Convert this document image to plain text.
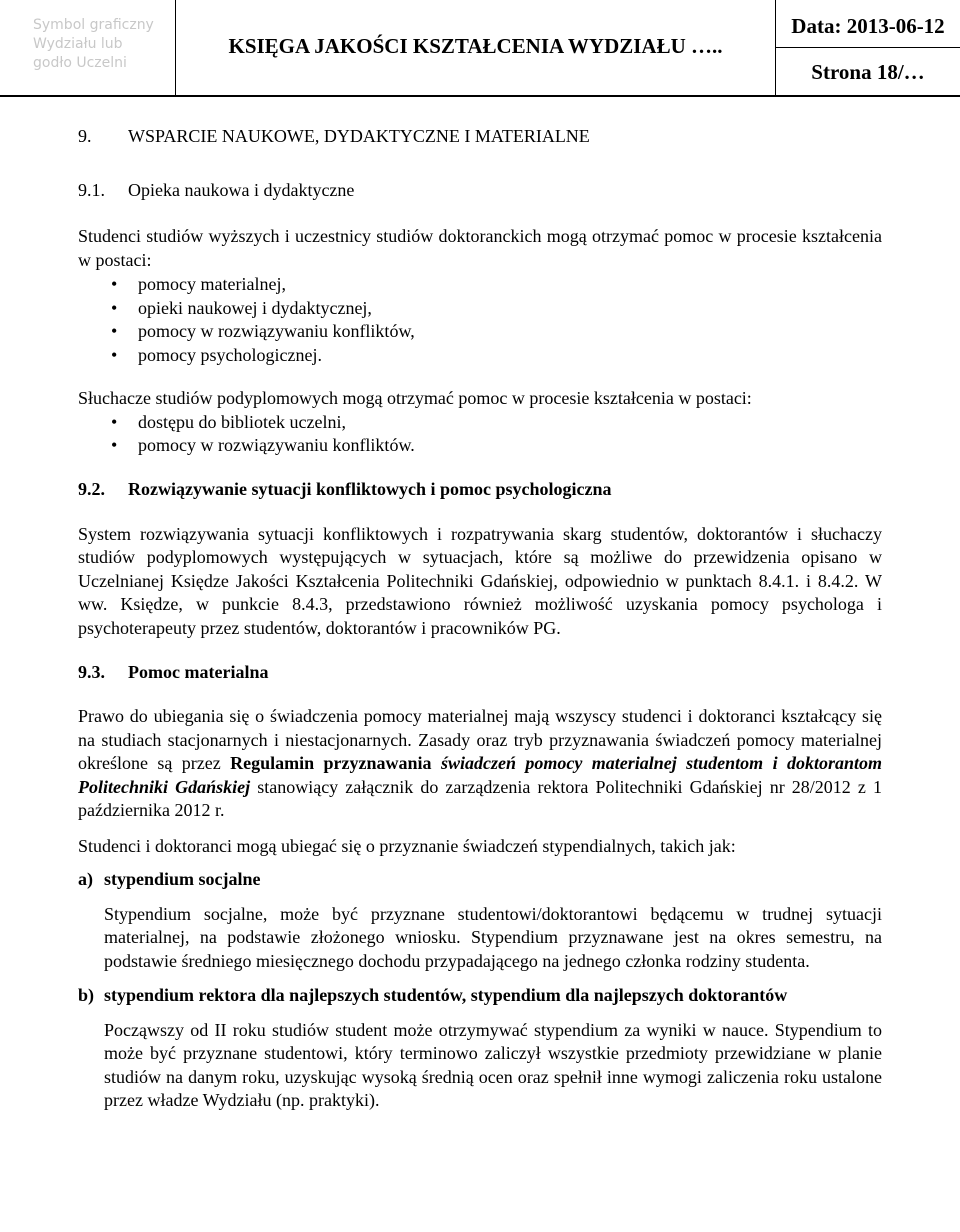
Symbol graficzny
Wydziału lub
godło Uczelni
KSIĘGA JAKOŚCI KSZTAŁCENIA WYDZIAŁU …..
Data: 2013-06-12
Strona 18/…
9. WSPARCIE NAUKOWE, DYDAKTYCZNE I MATERIALNE
9.1. Opieka naukowa i dydaktyczne
Studenci studiów wyższych i uczestnicy studiów doktoranckich mogą otrzymać pomoc w procesie kształcenia w postaci:
• pomocy materialnej,
• opieki naukowej i dydaktycznej,
• pomocy w rozwiązywaniu konfliktów,
• pomocy psychologicznej.
Słuchacze studiów podyplomowych mogą otrzymać pomoc w procesie kształcenia w postaci:
• dostępu do bibliotek uczelni,
• pomocy w rozwiązywaniu konfliktów.
9.2. Rozwiązywanie sytuacji konfliktowych i pomoc psychologiczna
System rozwiązywania sytuacji konfliktowych i rozpatrywania skarg studentów, doktorantów i słuchaczy studiów podyplomowych występujących w sytuacjach, które są możliwe do przewidzenia opisano w Uczelnianej Księdze Jakości Kształcenia Politechniki Gdańskiej, odpowiednio w punktach 8.4.1. i 8.4.2. W ww. Księdze, w punkcie 8.4.3, przedstawiono również możliwość uzyskania pomocy psychologa i psychoterapeuty przez studentów, doktorantów i pracowników PG.
9.3. Pomoc materialna
Prawo do ubiegania się o świadczenia pomocy materialnej mają wszyscy studenci i doktoranci kształcący się na studiach stacjonarnych i niestacjonarnych. Zasady oraz tryb przyznawania świadczeń pomocy materialnej określone są przez Regulamin przyznawania świadczeń pomocy materialnej studentom i doktorantom Politechniki Gdańskiej stanowiący załącznik do zarządzenia rektora Politechniki Gdańskiej nr 28/2012 z 1 października 2012 r.
Studenci i doktoranci mogą ubiegać się o przyznanie świadczeń stypendialnych, takich jak:
a) stypendium socjalne
Stypendium socjalne, może być przyznane studentowi/doktorantowi będącemu w trudnej sytuacji materialnej, na podstawie złożonego wniosku. Stypendium przyznawane jest na okres semestru, na podstawie średniego miesięcznego dochodu przypadającego na jednego członka rodziny studenta.
b) stypendium rektora dla najlepszych studentów, stypendium dla najlepszych doktorantów
Począwszy od II roku studiów student może otrzymywać stypendium za wyniki w nauce. Stypendium to może być przyznane studentowi, który terminowo zaliczył wszystkie przedmioty przewidziane w planie studiów na danym roku, uzyskując wysoką średnią ocen oraz spełnił inne wymogi zaliczenia roku ustalone przez władze Wydziału (np. praktyki).
